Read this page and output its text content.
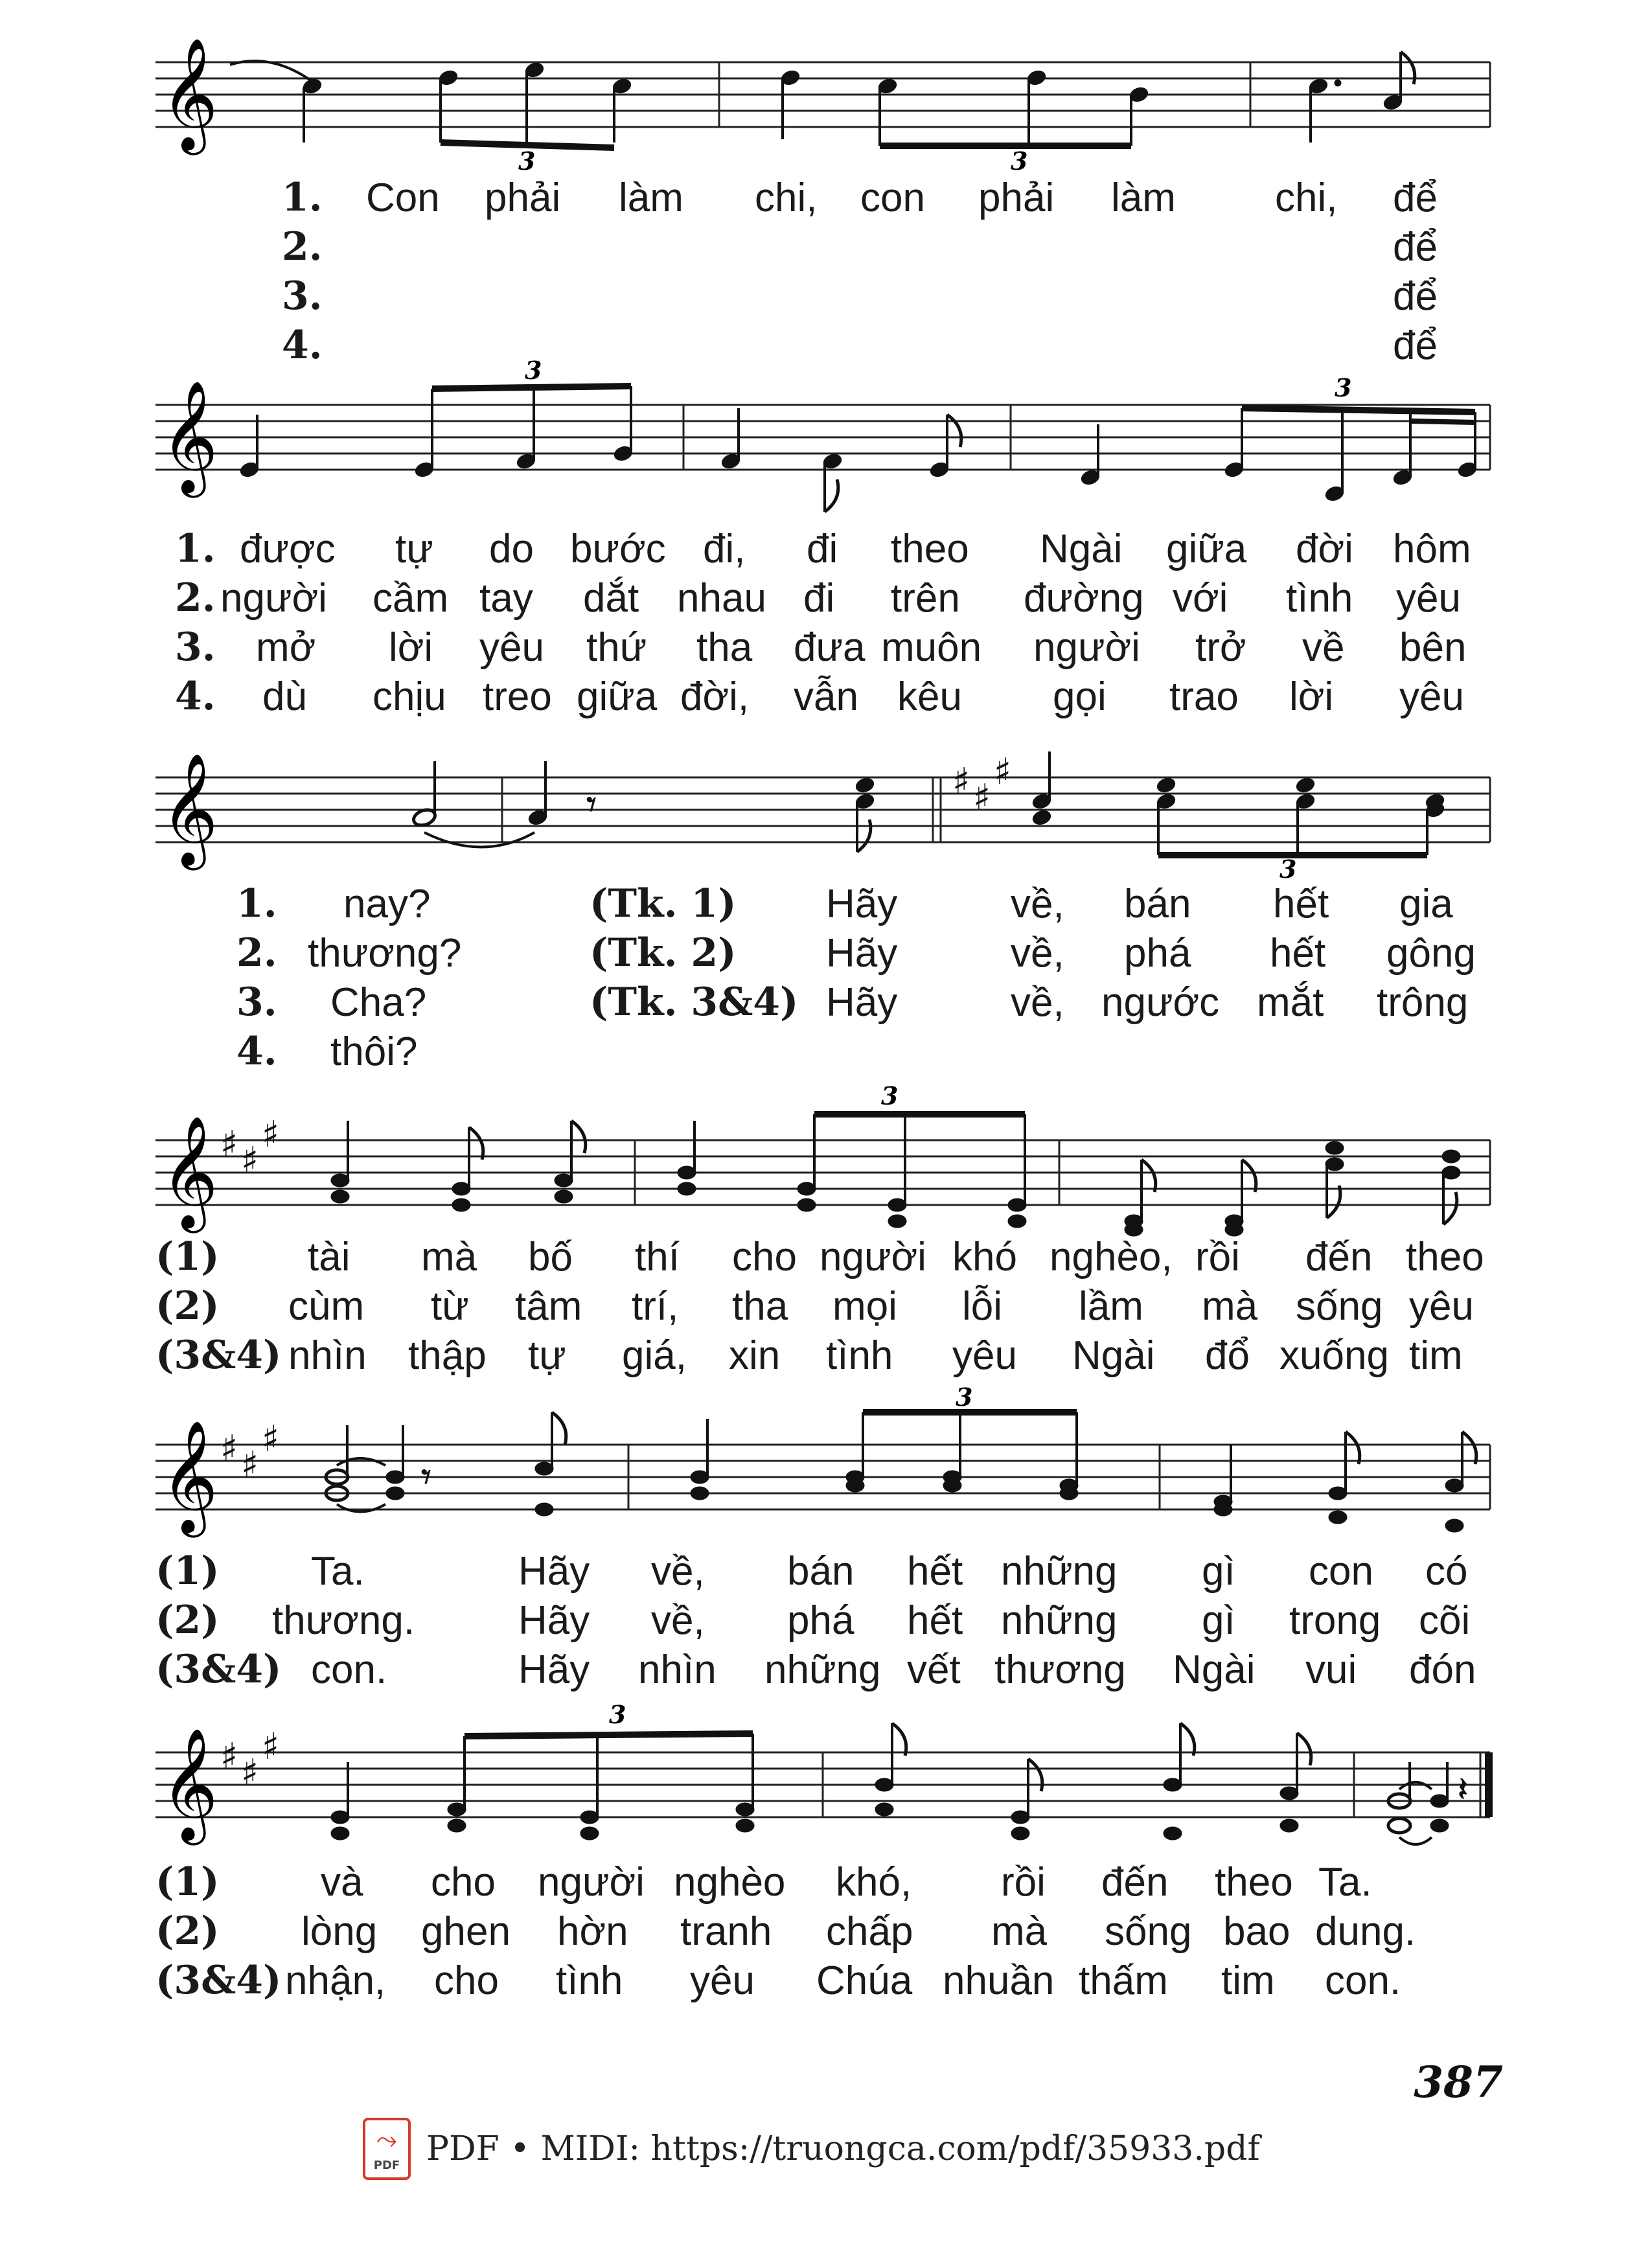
𝄞
3	3
1. Con phải làm chi, con phải làm chi, để
2.	để
3.	để
4.	để
𝄞
3
3
1. được tự do bước đi, đi theo Ngài giữa đời hôm
2. người cầm tay dắt nhau đi trên đường với tình yêu
3. mở lời yêu thứ tha đưa muôn người trở về bên
4. dù chịu treo giữa đời, vẫn kêu gọi trao lời yêu
𝄞	𝄾
♯ ♯
♯
3
1. nay?	(Tk. 1) Hãy	về, bán hết gia
2. thương?	(Tk. 2) Hãy	về, phá hết gông
3. Cha?	(Tk. 3&4) Hãy	về, ngước mắt trông
4. thôi?
𝄞 ♯ ♯
♯
3
(1) tài mà bố thí cho người khó nghèo, rồi đến theo
(2) cùm từ tâm trí, tha mọi lỗi lầm mà sống yêu
(3&4) nhìn thập tự giá, xin tình yêu Ngài đổ xuống tim
𝄞 ♯ ♯
♯
𝄾
3
(1) Ta.	Hãy về, bán hết những gì con có
(2) thương.	Hãy về, phá hết những gì trong cõi
(3&4) con.	Hãy nhìn những vết thương Ngài vui đón
𝄞 ♯ ♯
♯
𝄽
3
(1)	và cho người nghèo khó, rồi đến theo Ta.
(2) lòng ghen hờn tranh chấp mà sống bao dung.
(3&4) nhận, cho tình yêu Chúa nhuần thấm tim con.
387
⤳
PDF PDF • MIDI: https://truongca.com/pdf/35933.pdf
